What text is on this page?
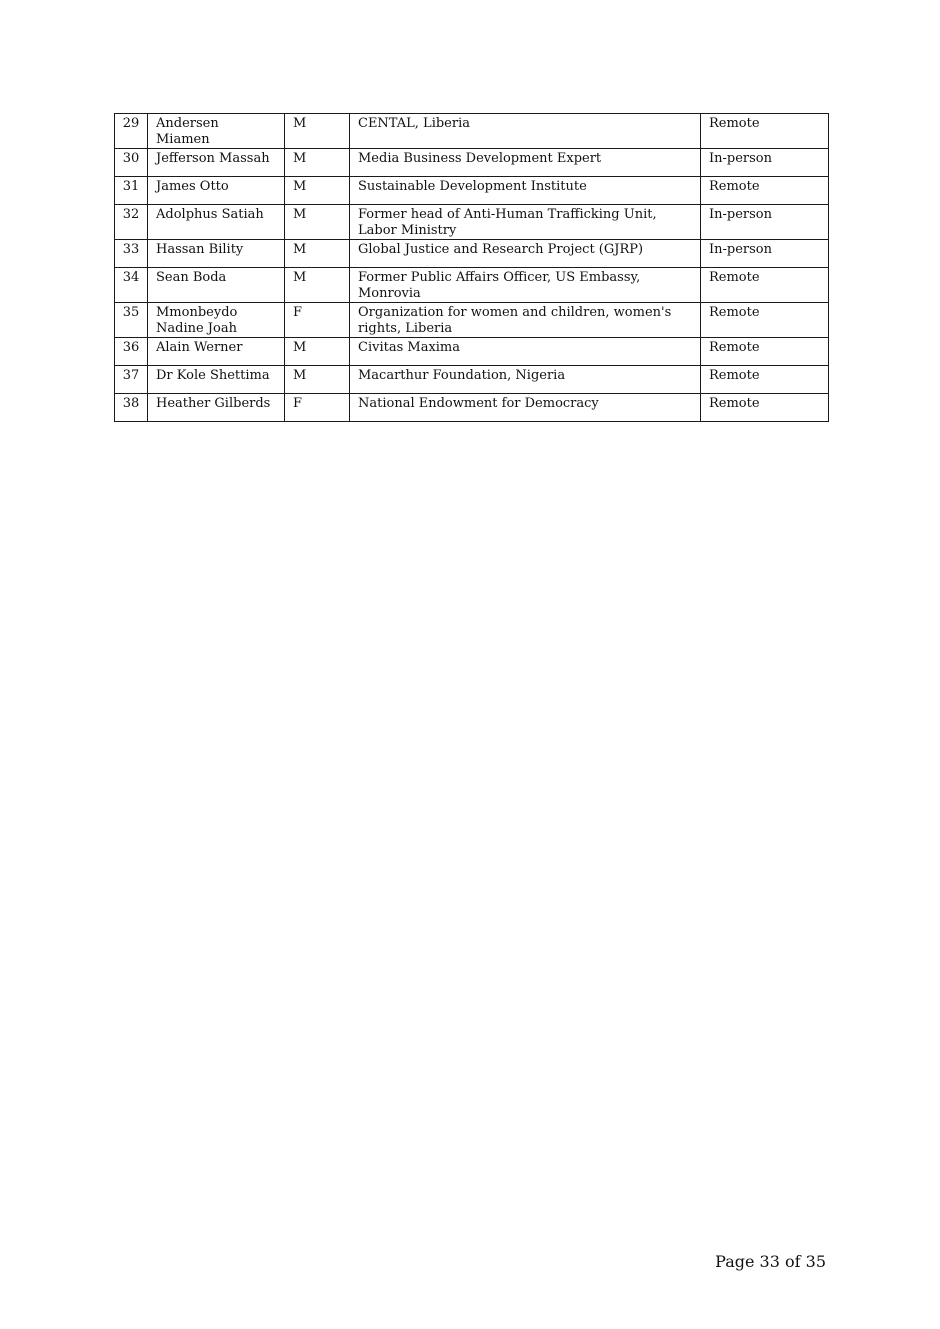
29	Andersen Miamen	M	CENTAL, Liberia	Remote
30	Jefferson Massah	M	Media Business Development Expert	In-person
31	James Otto	M	Sustainable Development Institute	Remote
32	Adolphus Satiah	M	Former head of Anti-Human Trafficking Unit, Labor Ministry	In-person
33	Hassan Bility	M	Global Justice and Research Project (GJRP)	In-person
34	Sean Boda	M	Former Public Affairs Officer, US Embassy, Monrovia	Remote
35	Mmonbeydo Nadine Joah	F	Organization for women and children, women's rights, Liberia	Remote
36	Alain Werner	M	Civitas Maxima	Remote
37	Dr Kole Shettima	M	Macarthur Foundation, Nigeria	Remote
38	Heather Gilberds	F	National Endowment for Democracy	Remote
Page 33 of 35
